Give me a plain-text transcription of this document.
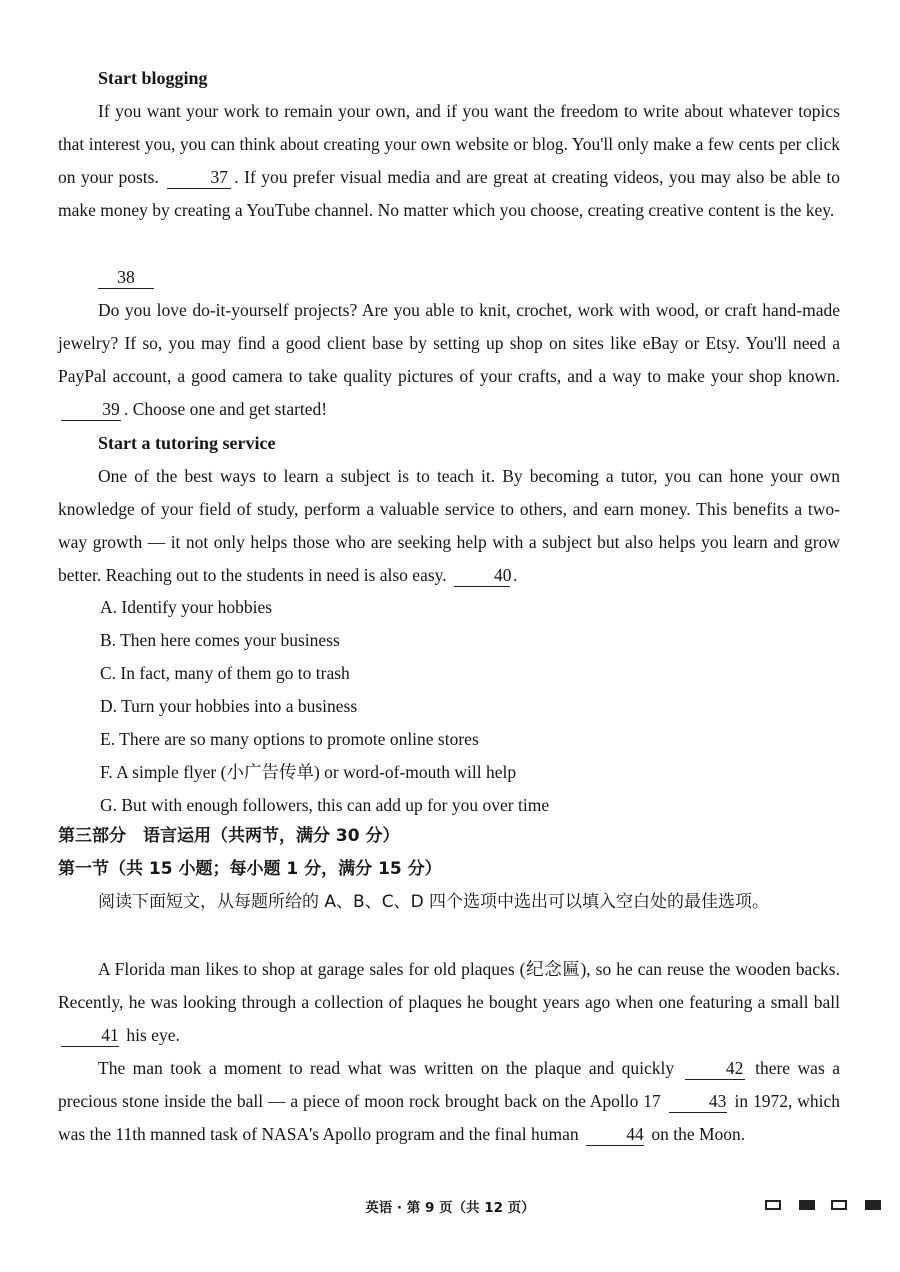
Start blogging
If you want your work to remain your own, and if you want the freedom to write about whatever topics that interest you, you can think about creating your own website or blog. You'll only make a few cents per click on your posts.	37 . If you prefer visual media and are great at creating videos, you may also be able to make money by creating a YouTube channel. No matter which you choose, creating creative content is the key.
38
Do you love do-it-yourself projects? Are you able to knit, crochet, work with wood, or craft hand-made jewelry? If so, you may find a good client base by setting up shop on sites like eBay or Etsy. You'll need a PayPal account, a good camera to take quality pictures of your crafts, and a way to make your shop known. 39 . Choose one and get started!
Start a tutoring service
One of the best ways to learn a subject is to teach it. By becoming a tutor, you can hone your own knowledge of your field of study, perform a valuable service to others, and earn money. This benefits a two-way growth — it not only helps those who are seeking help with a subject but also helps you learn and grow better. Reaching out to the students in need is also easy.	40.
A. Identify your hobbies
B. Then here comes your business
C. In fact, many of them go to trash
D. Turn your hobbies into a business
E. There are so many options to promote online stores
F. A simple flyer (小广告传单) or word-of-mouth will help
G. But with enough followers, this can add up for you over time
第三部分　语言运用（共两节，满分 30 分）
第一节（共 15 小题；每小题 1 分，满分 15 分）
阅读下面短文，从每题所给的 A、B、C、D 四个选项中选出可以填入空白处的最佳选项。
A Florida man likes to shop at garage sales for old plaques (纪念匾), so he can reuse the wooden backs. Recently, he was looking through a collection of plaques he bought years ago when one featuring a small ball 41 his eye.
The man took a moment to read what was written on the plaque and quickly	42 there was a precious stone inside the ball — a piece of moon rock brought back on the Apollo 17	43 in 1972, which was the 11th manned task of NASA's Apollo program and the final human	44 on the Moon.
英语 · 第 9 页（共 12 页）
